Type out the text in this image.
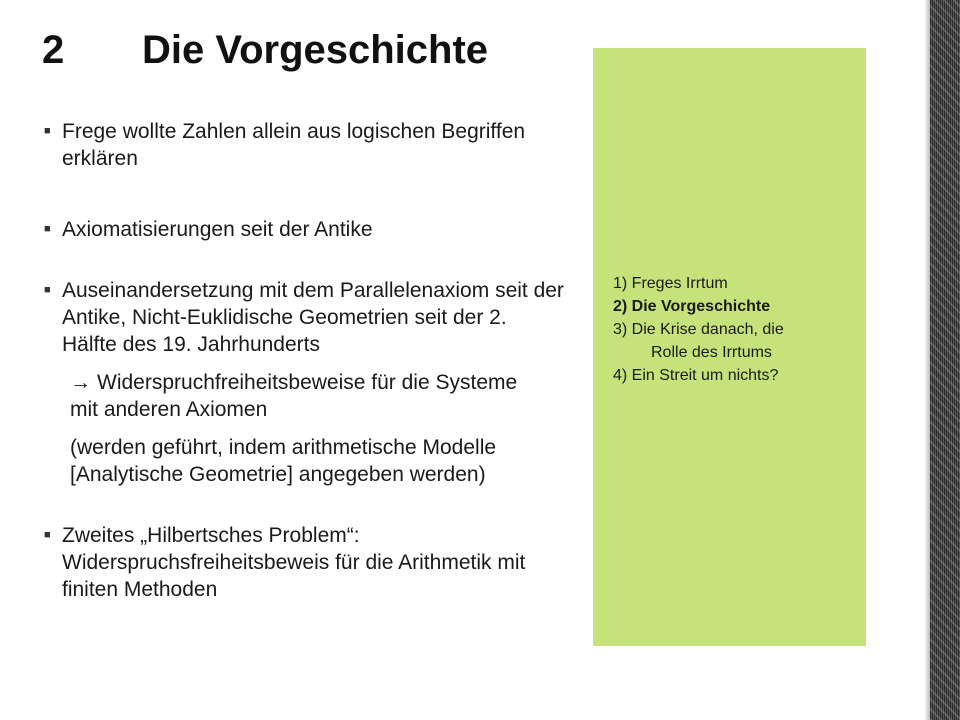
2	Die Vorgeschichte
■ Frege wollte Zahlen allein aus logischen Begriffen erklären
■ Axiomatisierungen seit der Antike
■ Auseinandersetzung mit dem Parallelenaxiom seit der Antike, Nicht-Euklidische Geometrien seit der 2. Hälfte des 19. Jahrhunderts
→ Widerspruchfreiheitsbeweise für die Systeme mit anderen Axiomen
(werden geführt, indem arithmetische Modelle [Analytische Geometrie] angegeben werden)
■ Zweites „Hilbertsches Problem“: Widerspruchsfreiheitsbeweis für die Arithmetik mit finiten Methoden
1) Freges Irrtum
2) Die Vorgeschichte
3) Die Krise danach, die
Rolle des Irrtums
4) Ein Streit um nichts?
